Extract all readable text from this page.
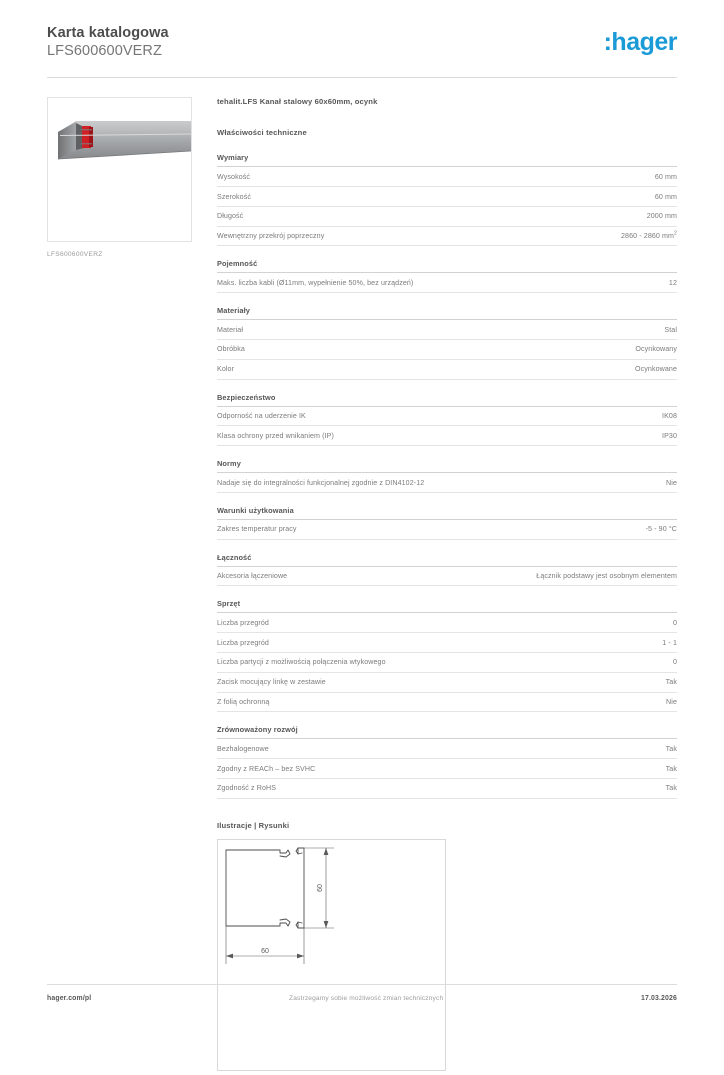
Karta katalogowa
LFS600600VERZ	:hager
LFS600600VERZ
tehalit.LFS Kanał stalowy 60x60mm, ocynk
Właściwości techniczne
Wymiary
Wysokość	60 mm
Szerokość	60 mm
Długość	2000 mm
Wewnętrzny przekrój poprzeczny	2860 - 2860 $mm^2$
Pojemność
Maks. liczba kabli (Ø11mm, wypełnienie 50%, bez urządzeń)	12
Materiały
Materiał	Stal
Obróbka	Ocynkowany
Kolor	Ocynkowane
Bezpieczeństwo
Odporność na uderzenie IK	IK08
Klasa ochrony przed wnikaniem (IP)	IP30
Normy
Nadaje się do integralności funkcjonalnej zgodnie z DIN4102-12	Nie
Warunki użytkowania
Zakres temperatur pracy	-5 - 90 °C
Łączność
Akcesoria łączeniowe	Łącznik podstawy jest osobnym elementem
Sprzęt
Liczba przegród	0
Liczba przegród	1 - 1
Liczba partycji z możliwością połączenia wtykowego	0
Zacisk mocujący linkę w zestawie	Tak
Z folią ochronną	Nie
Zrównoważony rozwój
Bezhalogenowe	Tak
Zgodny z REACh – bez SVHC	Tak
Zgodność z RoHS	Tak
Ilustracje | Rysunki
60
60
hager.com/pl	Zastrzegamy sobie możliwość zmian technicznych	17.03.2026
